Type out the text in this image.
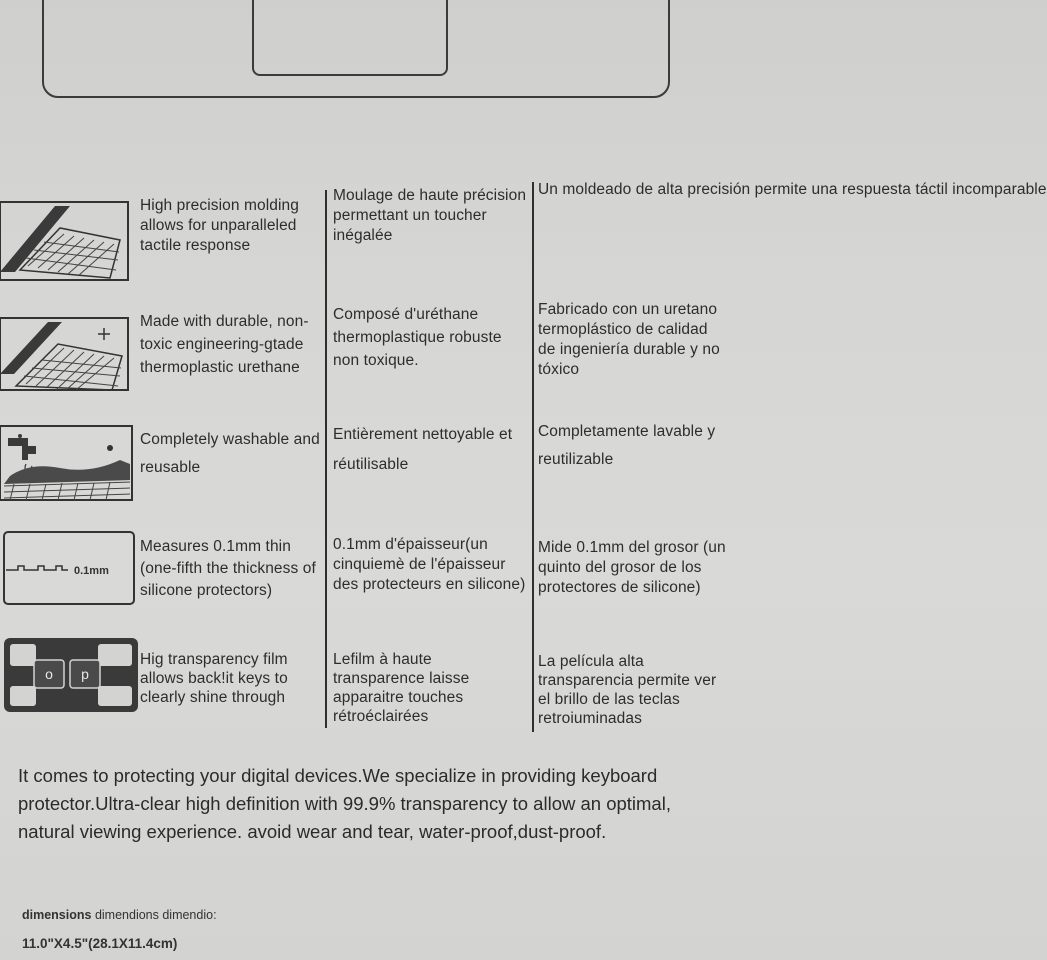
High precision molding allows for unparalleled tactile response
Moulage de haute précision permettant un toucher inégalée
Un moldeado de alta precisión permite una respuesta táctil incomparable
Made with durable, non-toxic engineering-gtade thermoplastic urethane
Composé d'uréthane thermoplastique robuste non toxique.
Fabricado con un uretano termoplástico de calidad de ingeniería durable y no tóxico
Completely washable and reusable
Entièrement nettoyable et réutilisable
Completamente lavable y reutilizable
0.1mm
Measures 0.1mm thin (one-fifth the thickness of silicone protectors)
0.1mm d'épaisseur(un cinquiemè de l'épaisseur des protecteurs en silicone)
Mide 0.1mm del grosor (un quinto del grosor de los protectores de silicone)
o p
Hig transparency film allows back!it keys to clearly shine through
Lefilm à haute transparence laisse apparaitre touches rétroéclairées
La película alta transparencia permite ver el brillo de las teclas retroiuminadas
It comes to protecting your digital devices.We specialize in providing keyboard protector.Ultra-clear high definition with 99.9% transparency to allow an optimal, natural viewing experience. avoid wear and tear, water-proof,dust-proof.
dimensions dimendions dimendio:
11.0"X4.5"(28.1X11.4cm)
